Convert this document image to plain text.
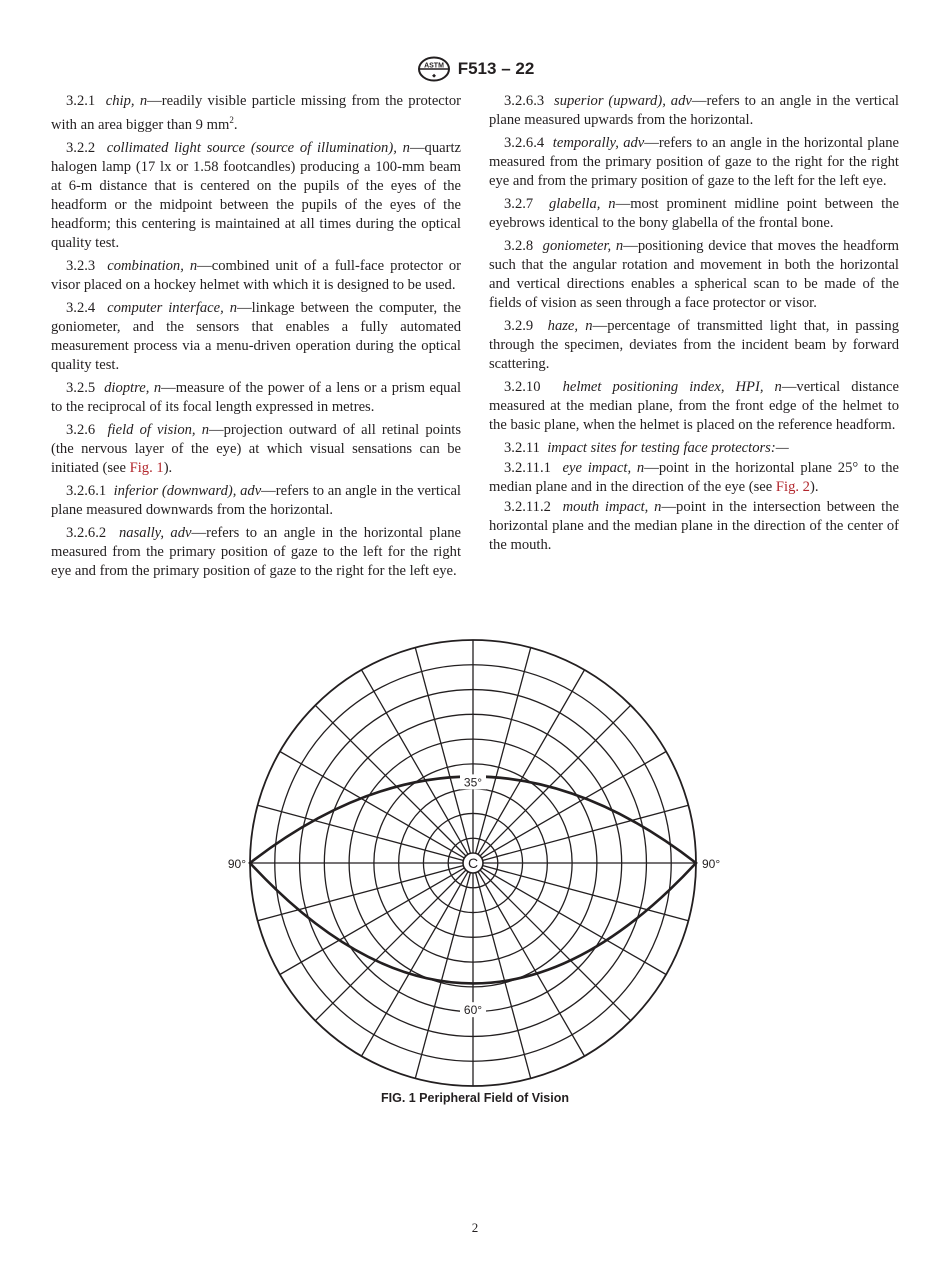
ASTM
◆ F513 – 22

3.2.1 chip, n—readily visible particle missing from the protector with an area bigger than 9 $mm^2$.

3.2.2 collimated light source (source of illumination), n—quartz halogen lamp (17 lx or 1.58 footcandles) producing a 100-mm beam at 6-m distance that is centered on the pupils of the eyes of the headform or the midpoint between the pupils of the eyes of the headform; this centering is maintained at all times during the optical quality test.

3.2.3 combination, n—combined unit of a full-face protector or visor placed on a hockey helmet with which it is designed to be used.

3.2.4 computer interface, n—linkage between the computer, the goniometer, and the sensors that enables a fully automated measurement process via a menu-driven operation during the optical quality test.

3.2.5 dioptre, n—measure of the power of a lens or a prism equal to the reciprocal of its focal length expressed in metres.

3.2.6 field of vision, n—projection outward of all retinal points (the nervous layer of the eye) at which visual sensations can be initiated (see Fig. 1).

3.2.6.1 inferior (downward), adv—refers to an angle in the vertical plane measured downwards from the horizontal.

3.2.6.2 nasally, adv—refers to an angle in the horizontal plane measured from the primary position of gaze to the left for the right eye and from the primary position of gaze to the right for the left eye.

3.2.6.3 superior (upward), adv—refers to an angle in the vertical plane measured upwards from the horizontal.

3.2.6.4 temporally, adv—refers to an angle in the horizontal plane measured from the primary position of gaze to the right for the right eye and from the primary position of gaze to the left for the left eye.

3.2.7 glabella, n—most prominent midline point between the eyebrows identical to the bony glabella of the frontal bone.

3.2.8 goniometer, n—positioning device that moves the headform such that the angular rotation and movement in both the horizontal and vertical directions enables a spherical scan to be made of the fields of vision as seen through a face protector or visor.

3.2.9 haze, n—percentage of transmitted light that, in passing through the specimen, deviates from the incident beam by forward scattering.

3.2.10 helmet positioning index, HPI, n—vertical distance measured at the median plane, from the front edge of the helmet to the basic plane, when the helmet is placed on the reference headform.

3.2.11 impact sites for testing face protectors:—

3.2.11.1 eye impact, n—point in the horizontal plane 25° to the median plane and in the direction of the eye (see Fig. 2).

3.2.11.2 mouth impact, n—point in the intersection between the horizontal plane and the median plane in the direction of the center of the mouth.

C
35°
60°
90°	90°
FIG. 1 Peripheral Field of Vision
2
